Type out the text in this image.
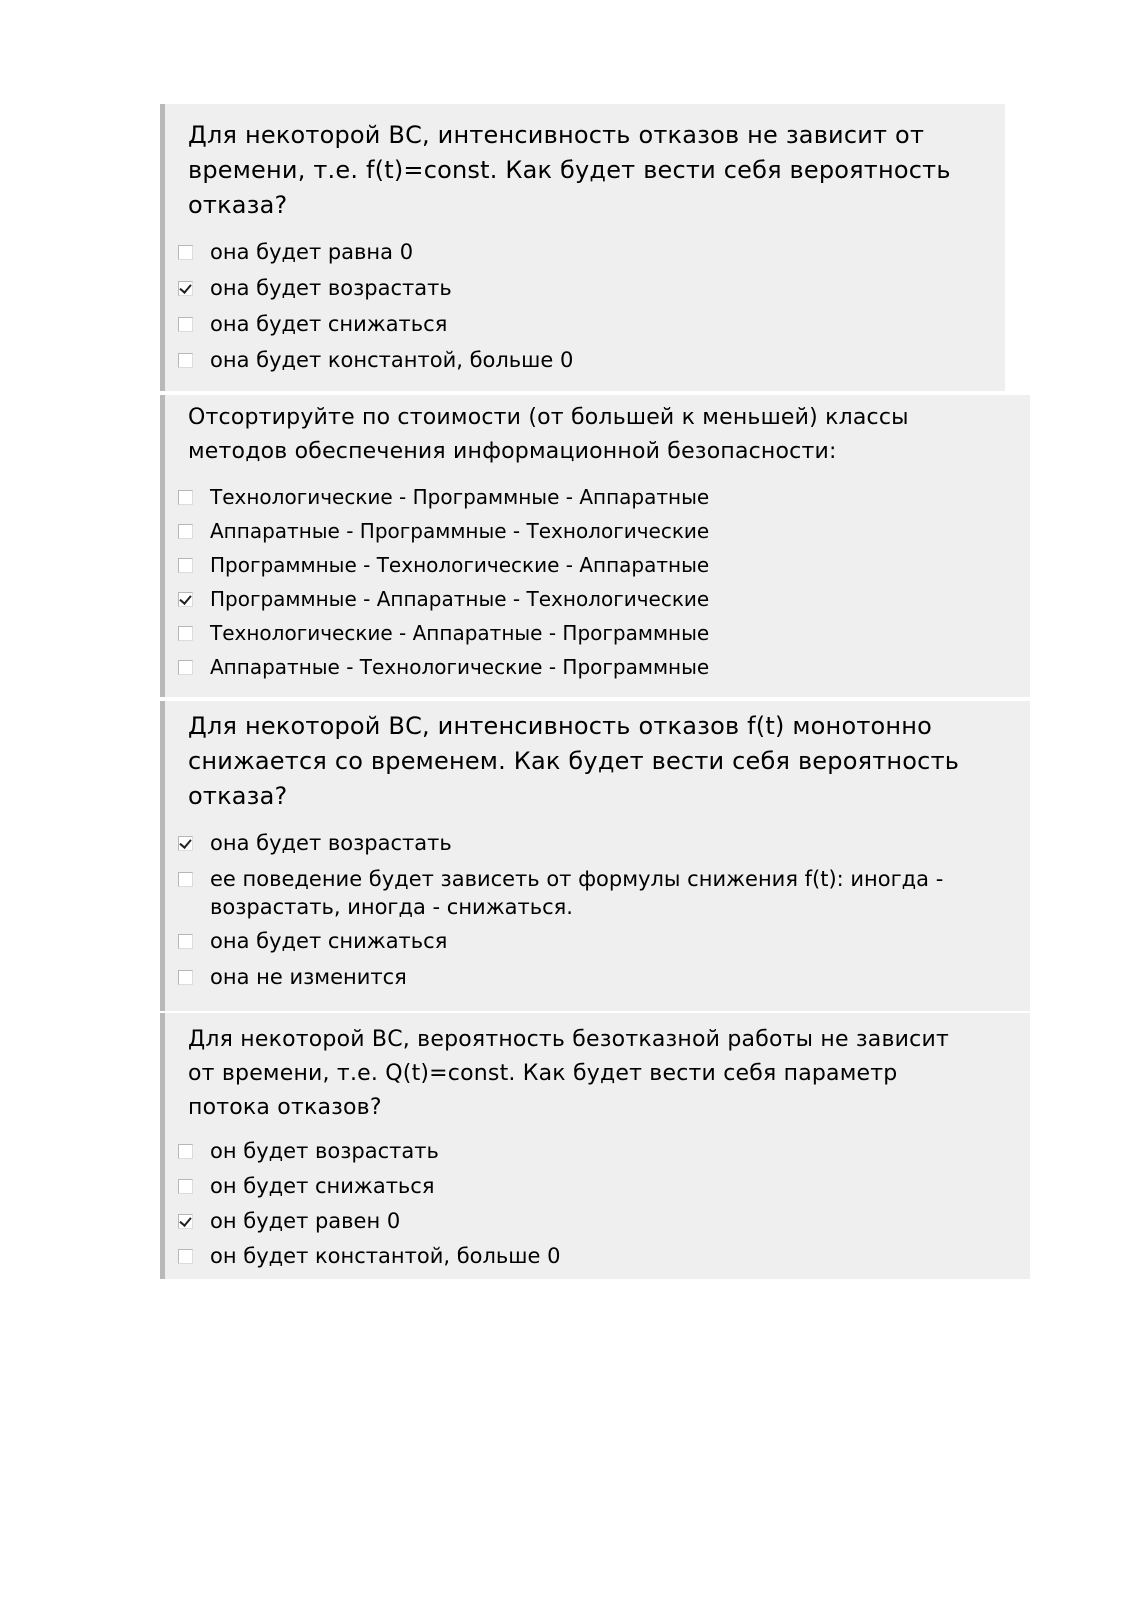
Для некоторой ВС, интенсивность отказов не зависит от
времени, т.е. f(t)=const. Как будет вести себя вероятность
отказа?
она будет равна 0
она будет возрастать
она будет снижаться
она будет константой, больше 0
Отсортируйте по стоимости (от большей к меньшей) классы
методов обеспечения информационной безопасности:
Технологические - Программные - Аппаратные
Аппаратные - Программные - Технологические
Программные - Технологические - Аппаратные
Программные - Аппаратные - Технологические
Технологические - Аппаратные - Программные
Аппаратные - Технологические - Программные
Для некоторой ВС, интенсивность отказов f(t) монотонно
снижается со временем. Как будет вести себя вероятность
отказа?
она будет возрастать
ее поведение будет зависеть от формулы снижения f(t): иногда -
возрастать, иногда - снижаться.
она будет снижаться
она не изменится
Для некоторой ВС, вероятность безотказной работы не зависит
от времени, т.е. Q(t)=const. Как будет вести себя параметр
потока отказов?
он будет возрастать
он будет снижаться
он будет равен 0
он будет константой, больше 0
